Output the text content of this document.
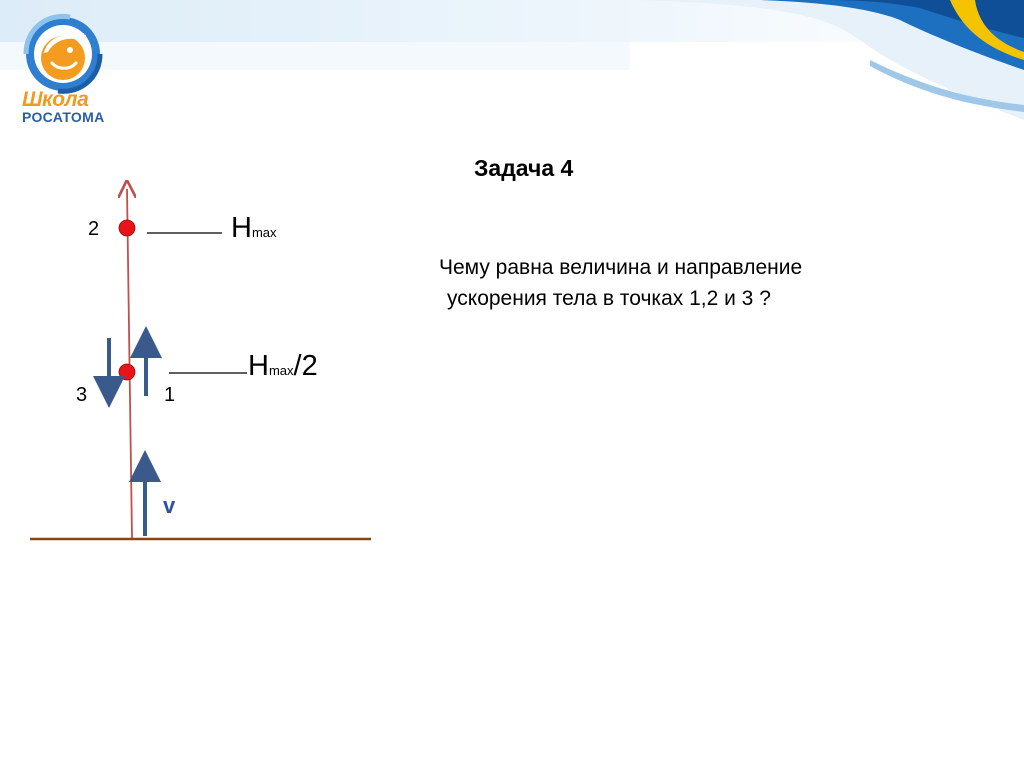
Школа
РОСАТОМА
2
3	1
Hmax
Hmax/2
v
Задача 4
Чему равна величина и направление
ускорения тела в точках 1,2 и 3 ?
